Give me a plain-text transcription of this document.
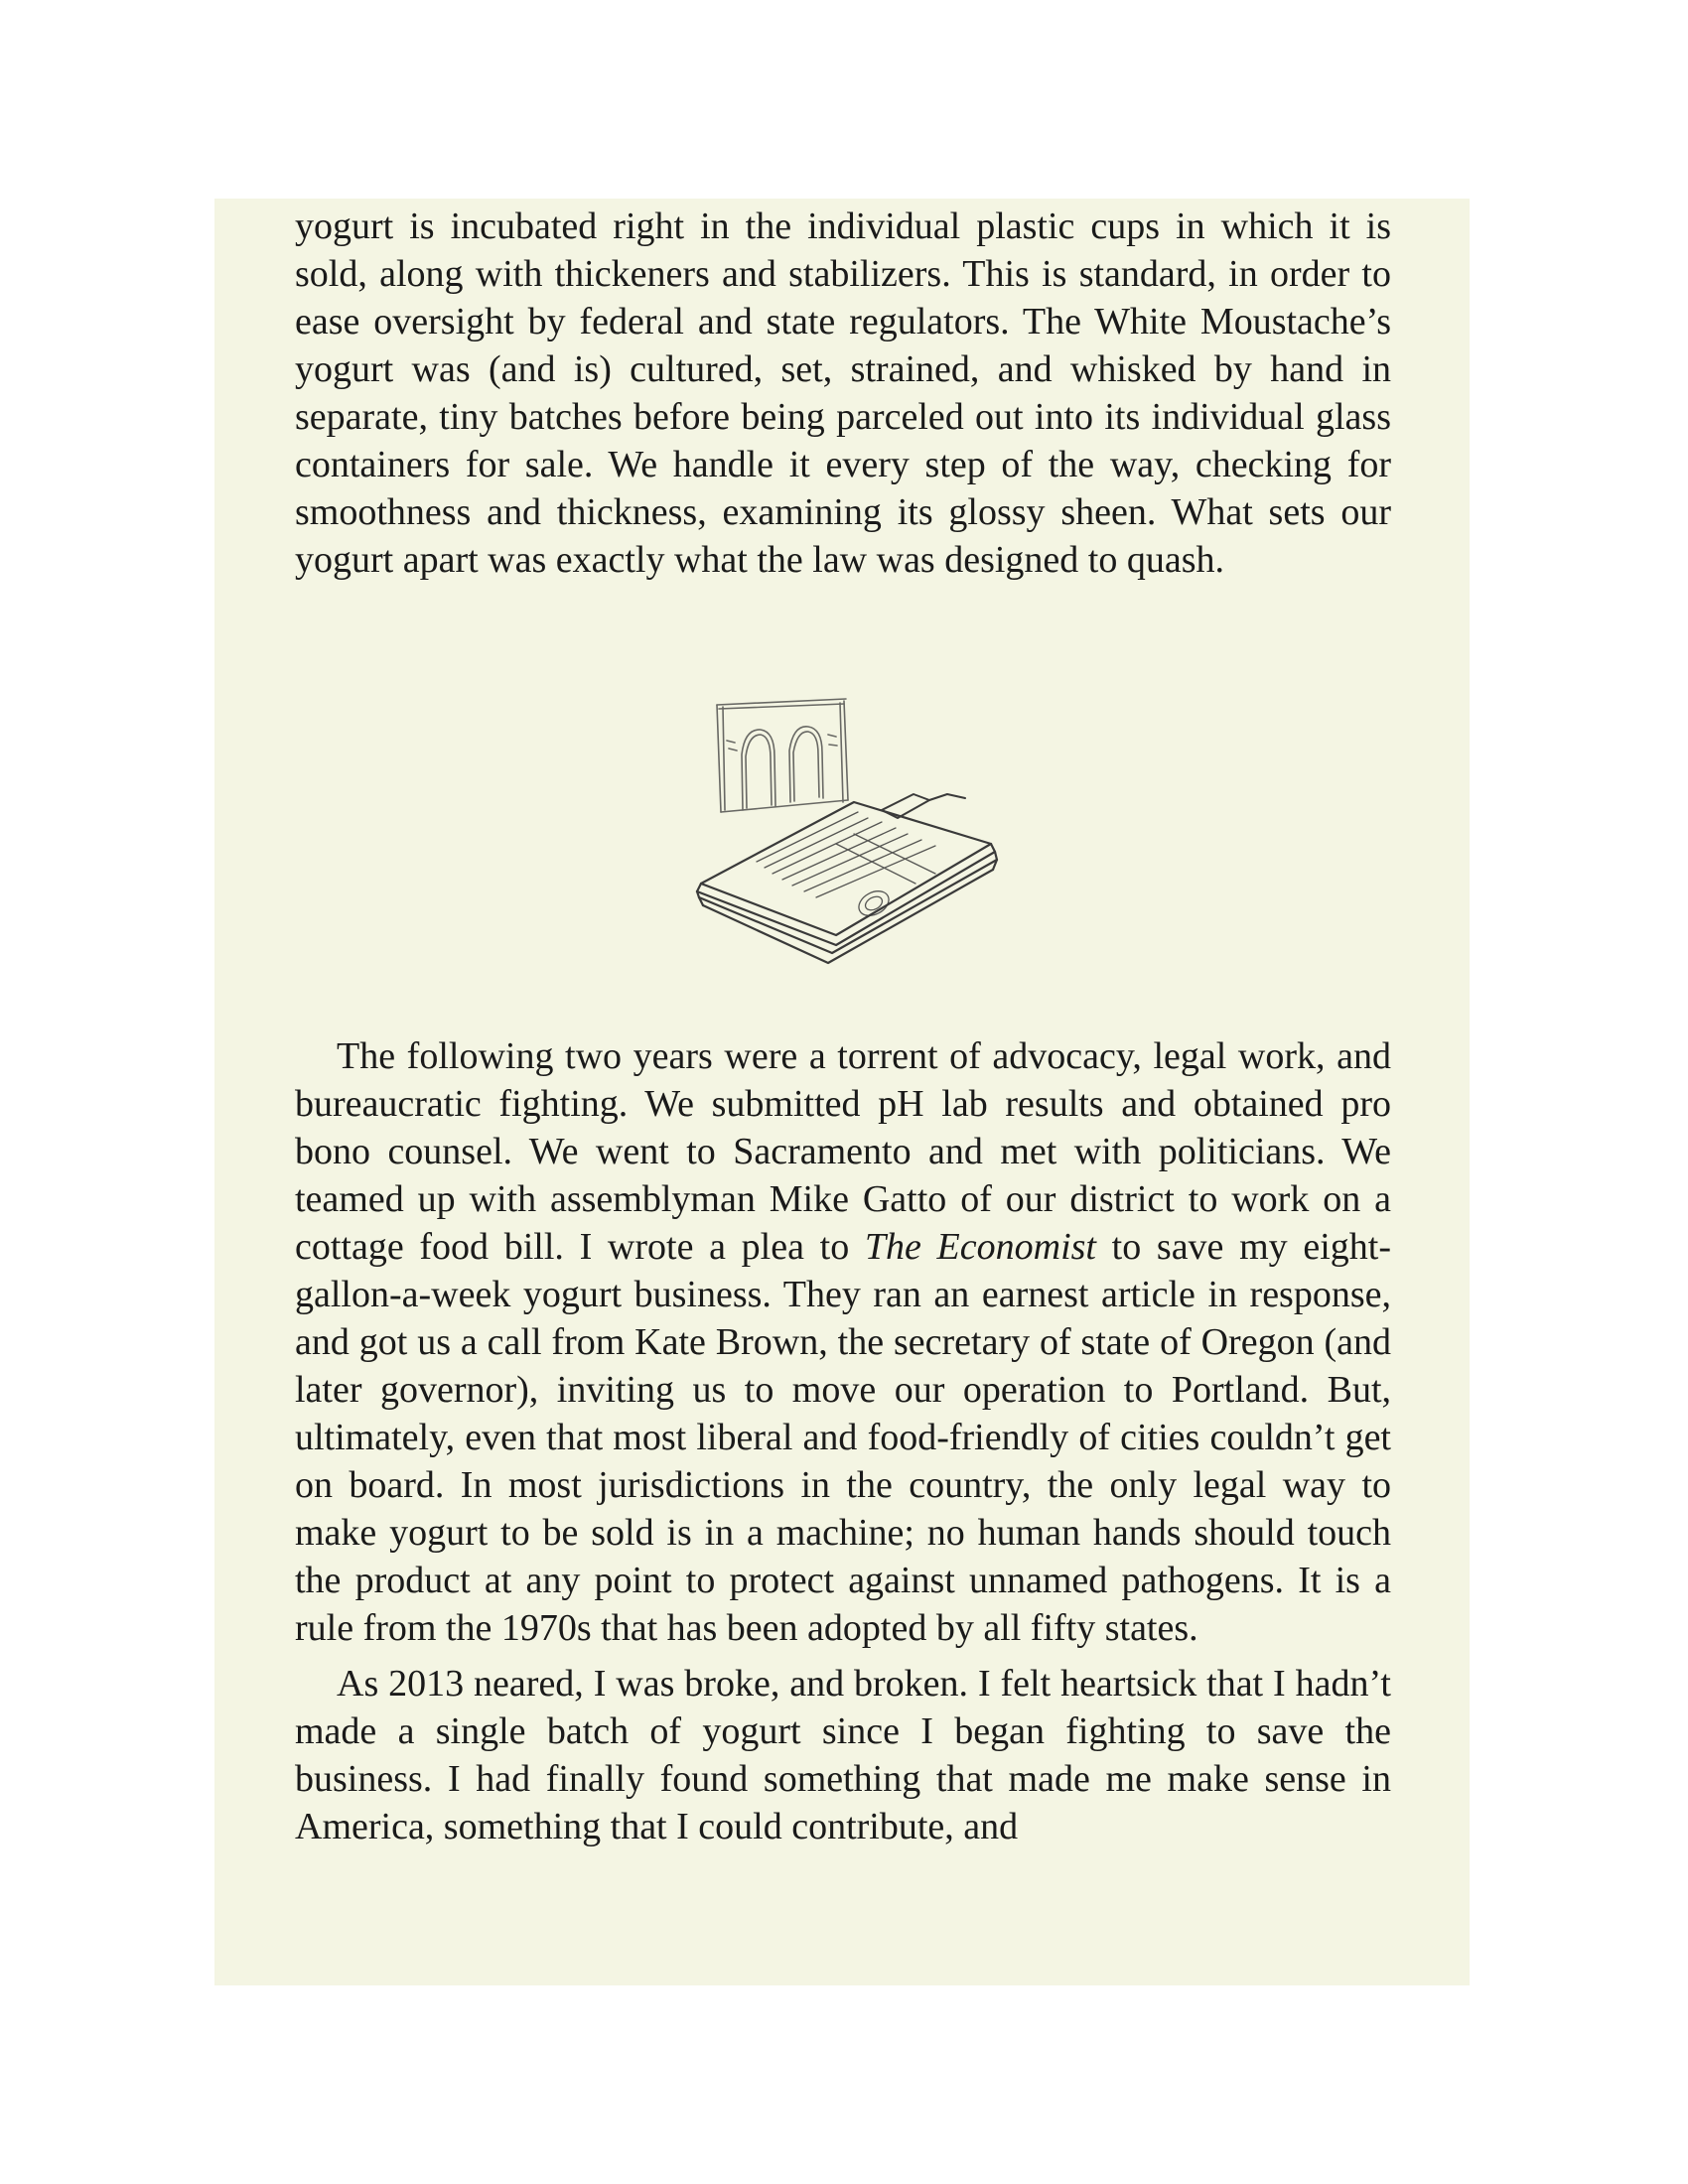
yogurt is incubated right in the individual plastic cups in which it is sold, along with thickeners and stabilizers. This is standard, in order to ease oversight by federal and state regulators. The White Moustache’s yogurt was (and is) cultured, set, strained, and whisked by hand in separate, tiny batches before being parceled out into its individual glass containers for sale. We handle it every step of the way, checking for smoothness and thickness, examining its glossy sheen. What sets our yogurt apart was exactly what the law was designed to quash.

The following two years were a torrent of advocacy, legal work, and bureaucratic fighting. We submitted pH lab results and obtained pro bono counsel. We went to Sacramento and met with politicians. We teamed up with assemblyman Mike Gatto of our district to work on a cottage food bill. I wrote a plea to The Economist to save my eight-gallon-a-week yogurt business. They ran an earnest article in response, and got us a call from Kate Brown, the secretary of state of Oregon (and later governor), inviting us to move our operation to Portland. But, ultimately, even that most liberal and food-friendly of cities couldn’t get on board. In most jurisdictions in the country, the only legal way to make yogurt to be sold is in a machine; no human hands should touch the product at any point to protect against unnamed pathogens. It is a rule from the 1970s that has been adopted by all fifty states.

As 2013 neared, I was broke, and broken. I felt heartsick that I hadn’t made a single batch of yogurt since I began fighting to save the business. I had finally found something that made me make sense in America, something that I could contribute, and
